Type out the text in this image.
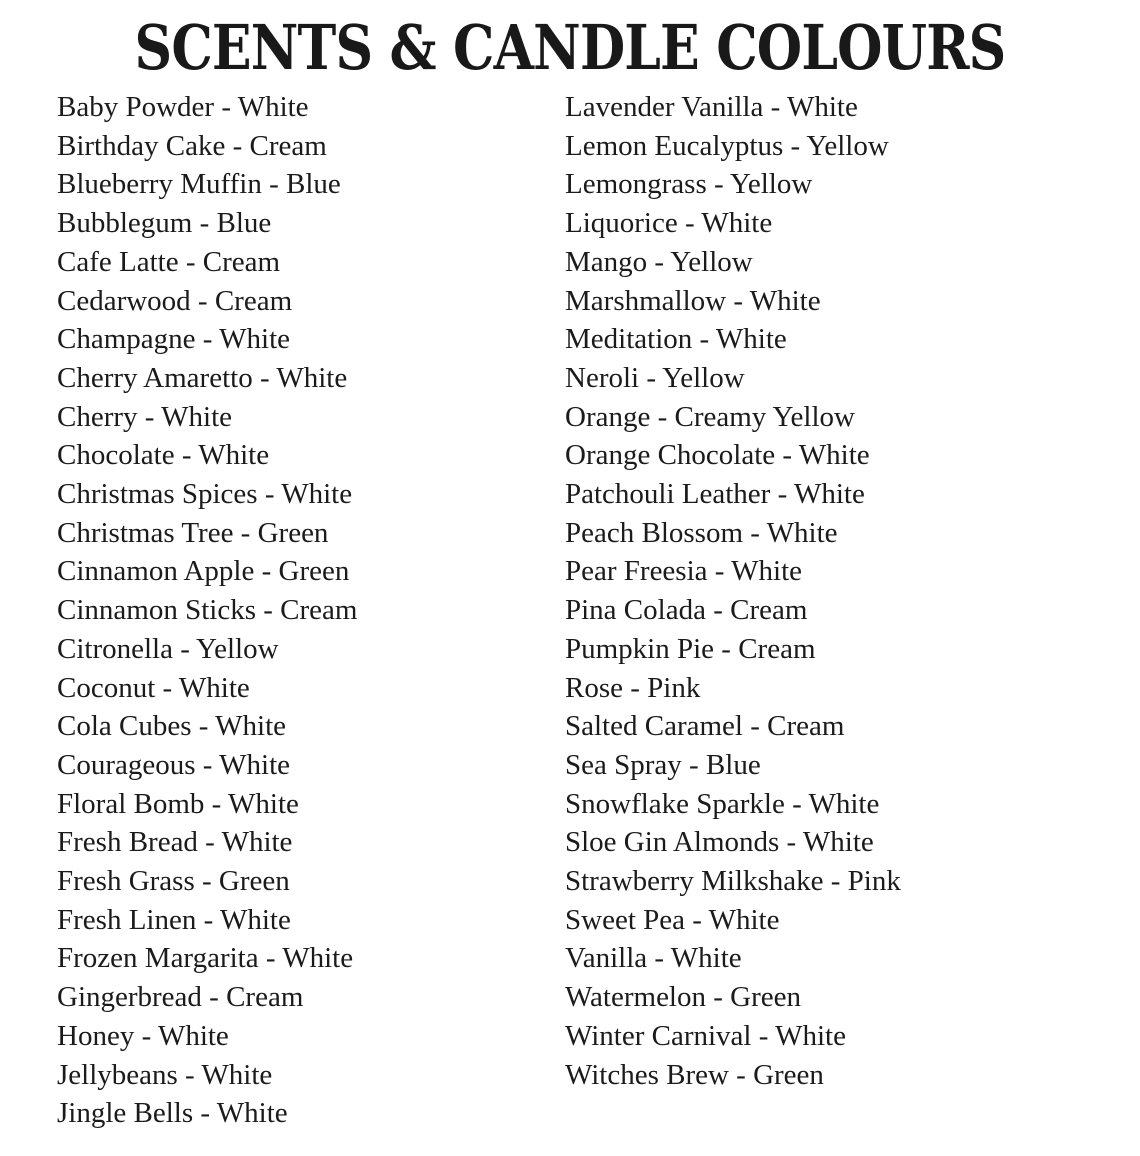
SCENTS & CANDLE COLOURS
Baby Powder - White
Birthday Cake - Cream
Blueberry Muffin - Blue
Bubblegum - Blue
Cafe Latte - Cream
Cedarwood - Cream
Champagne - White
Cherry Amaretto - White
Cherry - White
Chocolate - White
Christmas Spices - White
Christmas Tree - Green
Cinnamon Apple - Green
Cinnamon Sticks - Cream
Citronella - Yellow
Coconut - White
Cola Cubes - White
Courageous - White
Floral Bomb - White
Fresh Bread - White
Fresh Grass - Green
Fresh Linen - White
Frozen Margarita - White
Gingerbread - Cream
Honey - White
Jellybeans - White
Jingle Bells - White
Lavender Vanilla - White
Lemon Eucalyptus - Yellow
Lemongrass - Yellow
Liquorice - White
Mango - Yellow
Marshmallow - White
Meditation - White
Neroli - Yellow
Orange - Creamy Yellow
Orange Chocolate - White
Patchouli Leather - White
Peach Blossom - White
Pear Freesia - White
Pina Colada - Cream
Pumpkin Pie - Cream
Rose - Pink
Salted Caramel - Cream
Sea Spray - Blue
Snowflake Sparkle - White
Sloe Gin Almonds - White
Strawberry Milkshake - Pink
Sweet Pea - White
Vanilla - White
Watermelon - Green
Winter Carnival - White
Witches Brew - Green
